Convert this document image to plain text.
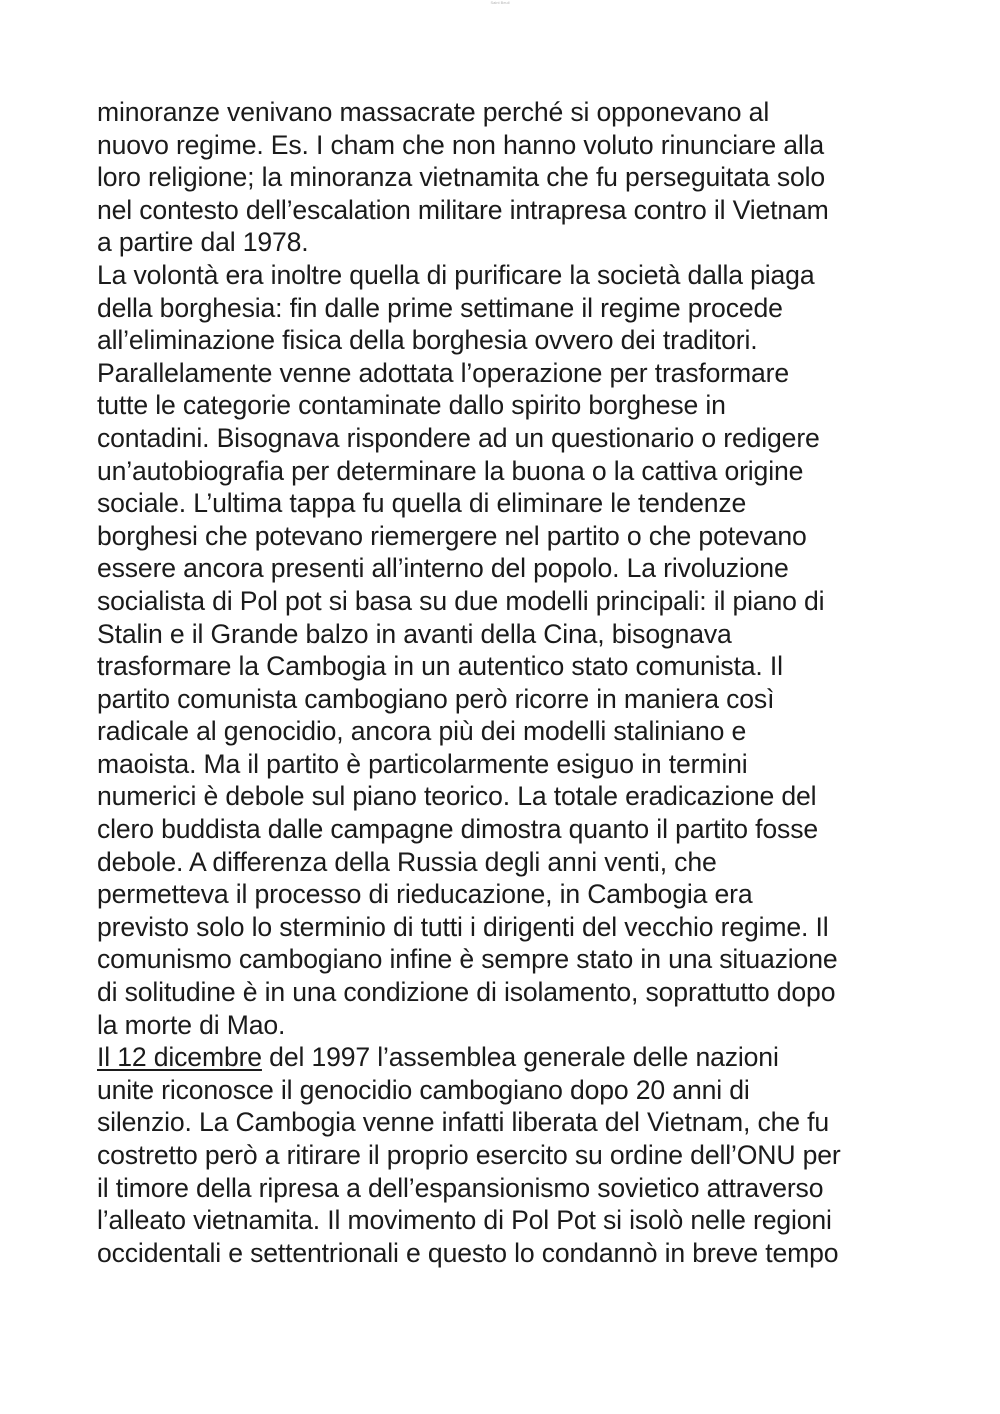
Saint Beuil
minoranze venivano massacrate perché si opponevano al
nuovo regime. Es. I cham che non hanno voluto rinunciare alla
loro religione; la minoranza vietnamita che fu perseguitata solo
nel contesto dell’escalation militare intrapresa contro il Vietnam
a partire dal 1978.
La volontà era inoltre quella di purificare la società dalla piaga
della borghesia: fin dalle prime settimane il regime procede
all’eliminazione fisica della borghesia ovvero dei traditori.
Parallelamente venne adottata l’operazione per trasformare
tutte le categorie contaminate dallo spirito borghese in
contadini. Bisognava rispondere ad un questionario o redigere
un’autobiografia per determinare la buona o la cattiva origine
sociale. L’ultima tappa fu quella di eliminare le tendenze
borghesi che potevano riemergere nel partito o che potevano
essere ancora presenti all’interno del popolo. La rivoluzione
socialista di Pol pot si basa su due modelli principali: il piano di
Stalin e il Grande balzo in avanti della Cina, bisognava
trasformare la Cambogia in un autentico stato comunista. Il
partito comunista cambogiano però ricorre in maniera così
radicale al genocidio, ancora più dei modelli staliniano e
maoista. Ma il partito è particolarmente esiguo in termini
numerici è debole sul piano teorico. La totale eradicazione del
clero buddista dalle campagne dimostra quanto il partito fosse
debole. A differenza della Russia degli anni venti, che
permetteva il processo di rieducazione, in Cambogia era
previsto solo lo sterminio di tutti i dirigenti del vecchio regime. Il
comunismo cambogiano infine è sempre stato in una situazione
di solitudine è in una condizione di isolamento, soprattutto dopo
la morte di Mao.
Il 12 dicembre del 1997 l’assemblea generale delle nazioni
unite riconosce il genocidio cambogiano dopo 20 anni di
silenzio. La Cambogia venne infatti liberata del Vietnam, che fu
costretto però a ritirare il proprio esercito su ordine dell’ONU per
il timore della ripresa a dell’espansionismo sovietico attraverso
l’alleato vietnamita. Il movimento di Pol Pot si isolò nelle regioni
occidentali e settentrionali e questo lo condannò in breve tempo
